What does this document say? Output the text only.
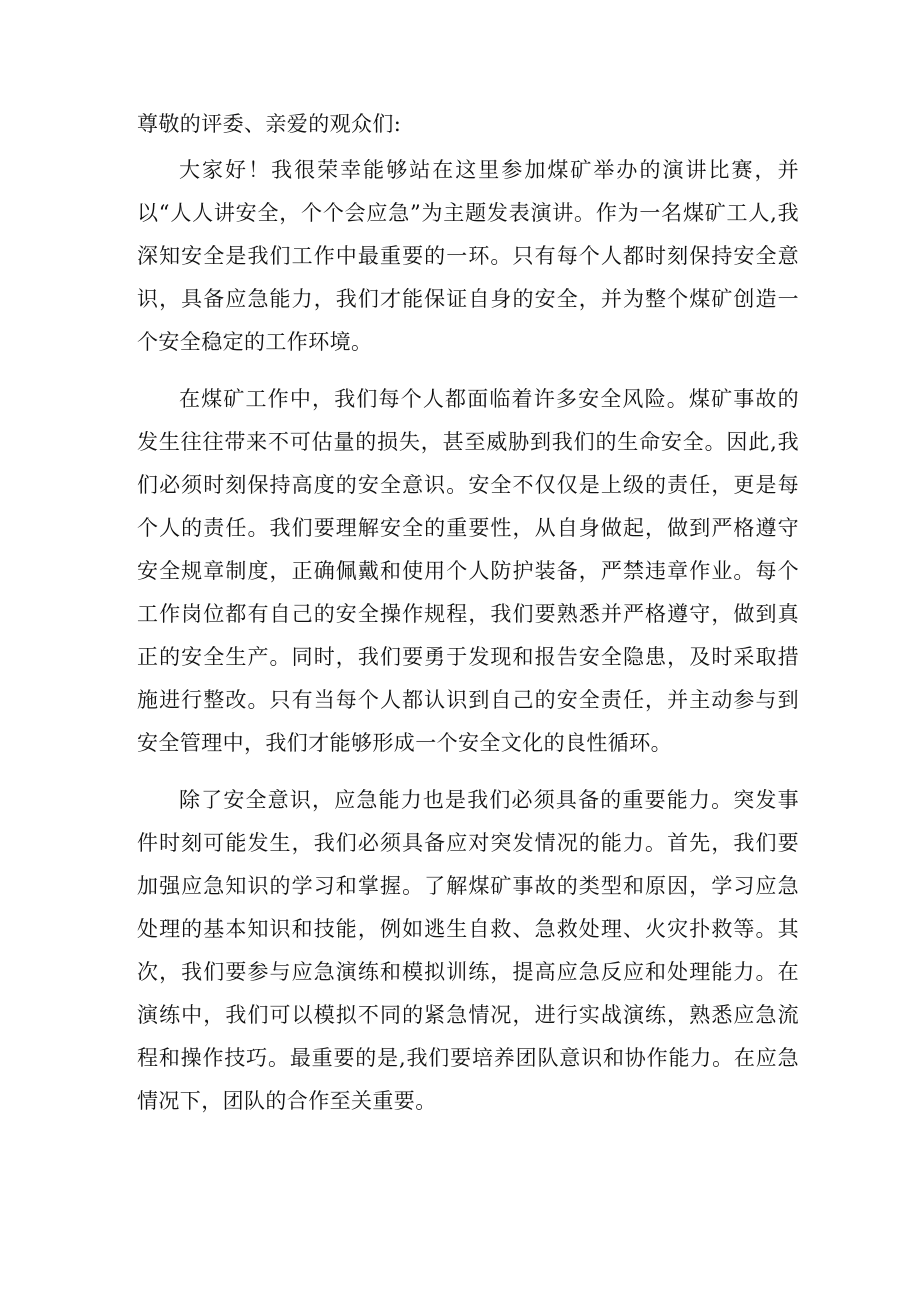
尊敬的评委、亲爱的观众们:

大家好！我很荣幸能够站在这里参加煤矿举办的演讲比赛，并以“人人讲安全，个个会应急”为主题发表演讲。作为一名煤矿工人,我深知安全是我们工作中最重要的一环。只有每个人都时刻保持安全意识，具备应急能力，我们才能保证自身的安全，并为整个煤矿创造一个安全稳定的工作环境。

在煤矿工作中，我们每个人都面临着许多安全风险。煤矿事故的发生往往带来不可估量的损失，甚至威胁到我们的生命安全。因此,我们必须时刻保持高度的安全意识。安全不仅仅是上级的责任，更是每个人的责任。我们要理解安全的重要性，从自身做起，做到严格遵守安全规章制度，正确佩戴和使用个人防护装备，严禁违章作业。每个工作岗位都有自己的安全操作规程，我们要熟悉并严格遵守，做到真正的安全生产。同时，我们要勇于发现和报告安全隐患，及时采取措施进行整改。只有当每个人都认识到自己的安全责任，并主动参与到安全管理中，我们才能够形成一个安全文化的良性循环。

除了安全意识，应急能力也是我们必须具备的重要能力。突发事件时刻可能发生，我们必须具备应对突发情况的能力。首先，我们要加强应急知识的学习和掌握。了解煤矿事故的类型和原因，学习应急处理的基本知识和技能，例如逃生自救、急救处理、火灾扑救等。其次，我们要参与应急演练和模拟训练，提高应急反应和处理能力。在演练中，我们可以模拟不同的紧急情况，进行实战演练，熟悉应急流程和操作技巧。最重要的是,我们要培养团队意识和协作能力。在应急情况下，团队的合作至关重要。
